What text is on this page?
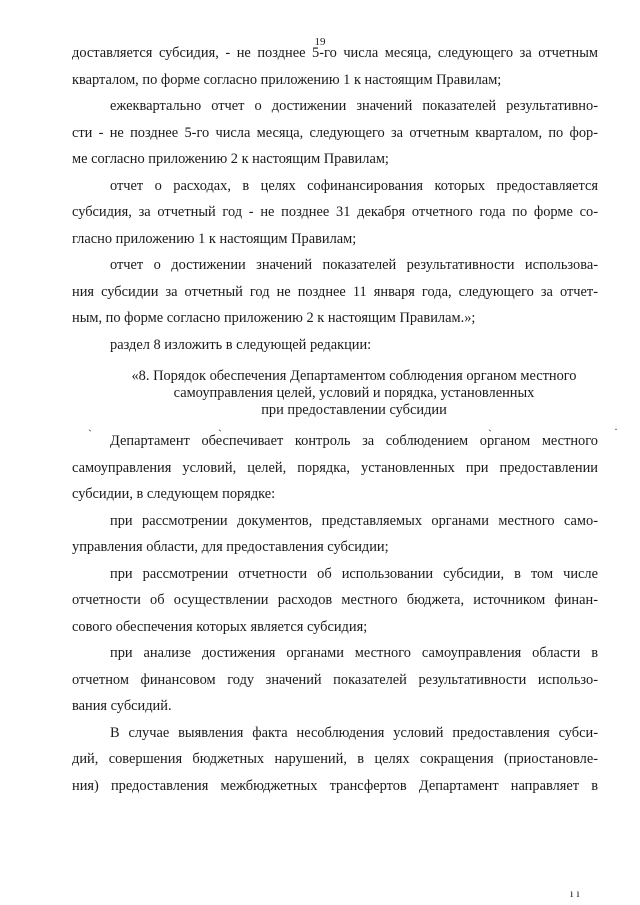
19
доставляется субсидия, - не позднее 5-го числа месяца, следующего за отчетным
кварталом, по форме согласно приложению 1 к настоящим Правилам;
ежеквартально отчет о достижении значений показателей результативно-
сти - не позднее 5-го числа месяца, следующего за отчетным кварталом, по фор-
ме согласно приложению 2 к настоящим Правилам;
отчет о расходах, в целях софинансирования которых предоставляется
субсидия, за отчетный год - не позднее 31 декабря отчетного года по форме со-
гласно приложению 1 к настоящим Правилам;
отчет о достижении значений показателей результативности использова-
ния субсидии за отчетный год не позднее 11 января года, следующего за отчет-
ным, по форме согласно приложению 2 к настоящим Правилам.»;
раздел 8 изложить в следующей редакции:
«8. Порядок обеспечения Департаментом соблюдения органом местного
самоуправления целей, условий и порядка, установленных
при предоставлении субсидии
ˏ	ˏ	ˏ	·
Департамент обеспечивает контроль за соблюдением органом местного
самоуправления условий, целей, порядка, установленных при предоставлении
субсидии, в следующем порядке:
при рассмотрении документов, представляемых органами местного само-
управления области, для предоставления субсидии;
при рассмотрении отчетности об использовании субсидии, в том числе
отчетности об осуществлении расходов местного бюджета, источником финан-
сового обеспечения которых является субсидия;
при анализе достижения органами местного самоуправления области в
отчетном финансовом году значений показателей результативности использо-
вания субсидий.
В случае выявления факта несоблюдения условий предоставления субси-
дий, совершения бюджетных нарушений, в целях сокращения (приостановле-
ния) предоставления межбюджетных трансфертов Департамент направляет в
ı ı
